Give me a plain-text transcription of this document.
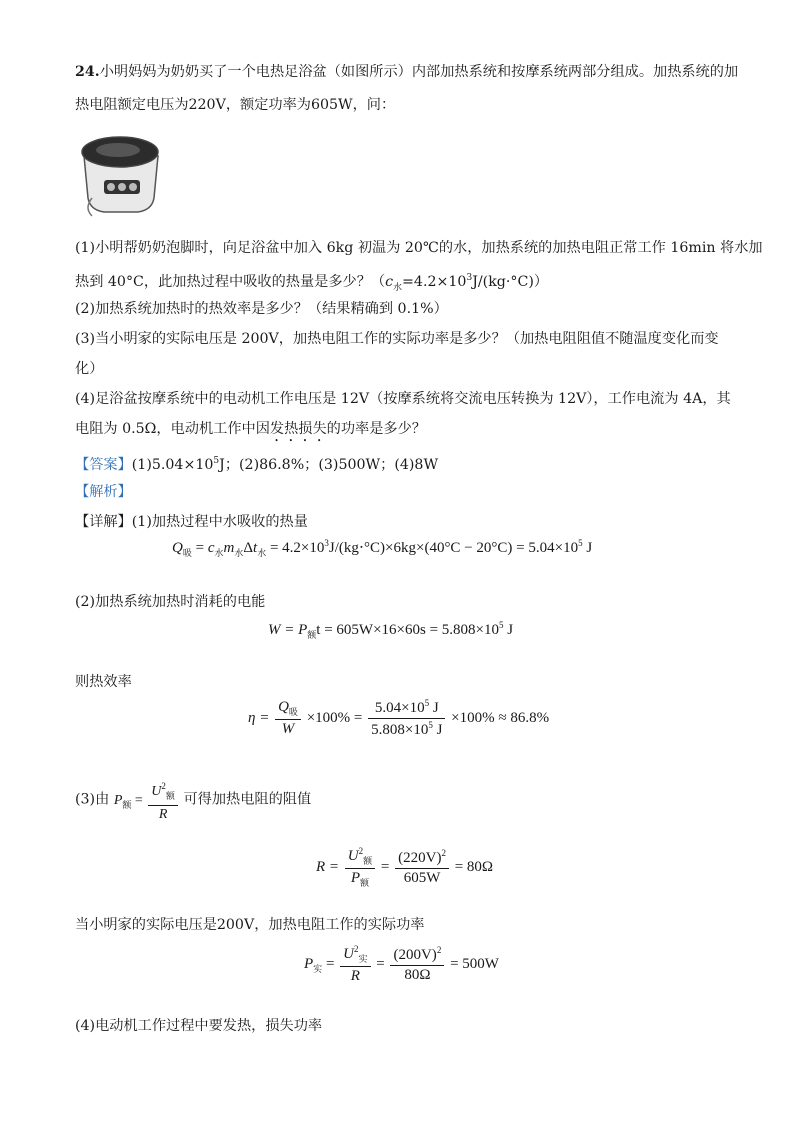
24.小明妈妈为奶奶买了一个电热足浴盆（如图所示）内部加热系统和按摩系统两部分组成。加热系统的加
热电阻额定电压为220V，额定功率为605W，问：
(1)小明帮奶奶泡脚时，向足浴盆中加入 6kg 初温为 20℃的水，加热系统的加热电阻正常工作 16min 将水加
热到 40°C，此加热过程中吸收的热量是多少？$(c_水=4.2\times 10^3J/(kg\cdot^\circ C))$
(2)加热系统加热时的热效率是多少？（结果精确到 0.1%）
(3)当小明家的实际电压是 200V，加热电阻工作的实际功率是多少？（加热电阻阻值不随温度变化而变
化）
(4)足浴盆按摩系统中的电动机工作电压是 12V（按摩系统将交流电压转换为 12V），工作电流为 4A，其
电阻为 0.5Ω，电动机工作中因发热损失的功率是多少？
【答案】$(1)5.04\times 10^5J$；(2)86.8%；(3)500W；(4)8W
【解析】
【详解】(1)加热过程中水吸收的热量
$Q_吸 = c_水m_水\Delta t_水 = 4.2\times 10^3J/(kg\cdot^\circ C)\times 6kg\times(40^\circ C - 20^\circ C) = 5.04\times 10^5$ J
(2)加热系统加热时消耗的电能
$W = P_额t = 605W\times 16\times 60s = 5.808\times 10^5$ J
则热效率
$\eta = \frac{Q_吸}{W} \times 100\% = \frac{5.04\times 10^5 J}{5.808\times 10^5 J} \times 100\% \approx 86.8\%$
(3)由 $P_额 = \frac{U^2_额}{R}$ 可得加热电阻的阻值
$R = \frac{U^2_额}{P_额} = \frac{(220V)^2}{605W} = 80\Omega$
当小明家的实际电压是200V，加热电阻工作的实际功率
$P_实 = \frac{U^2_实}{R} = \frac{(200V)^2}{80\Omega} = 500W$
(4)电动机工作过程中要发热，损失功率
